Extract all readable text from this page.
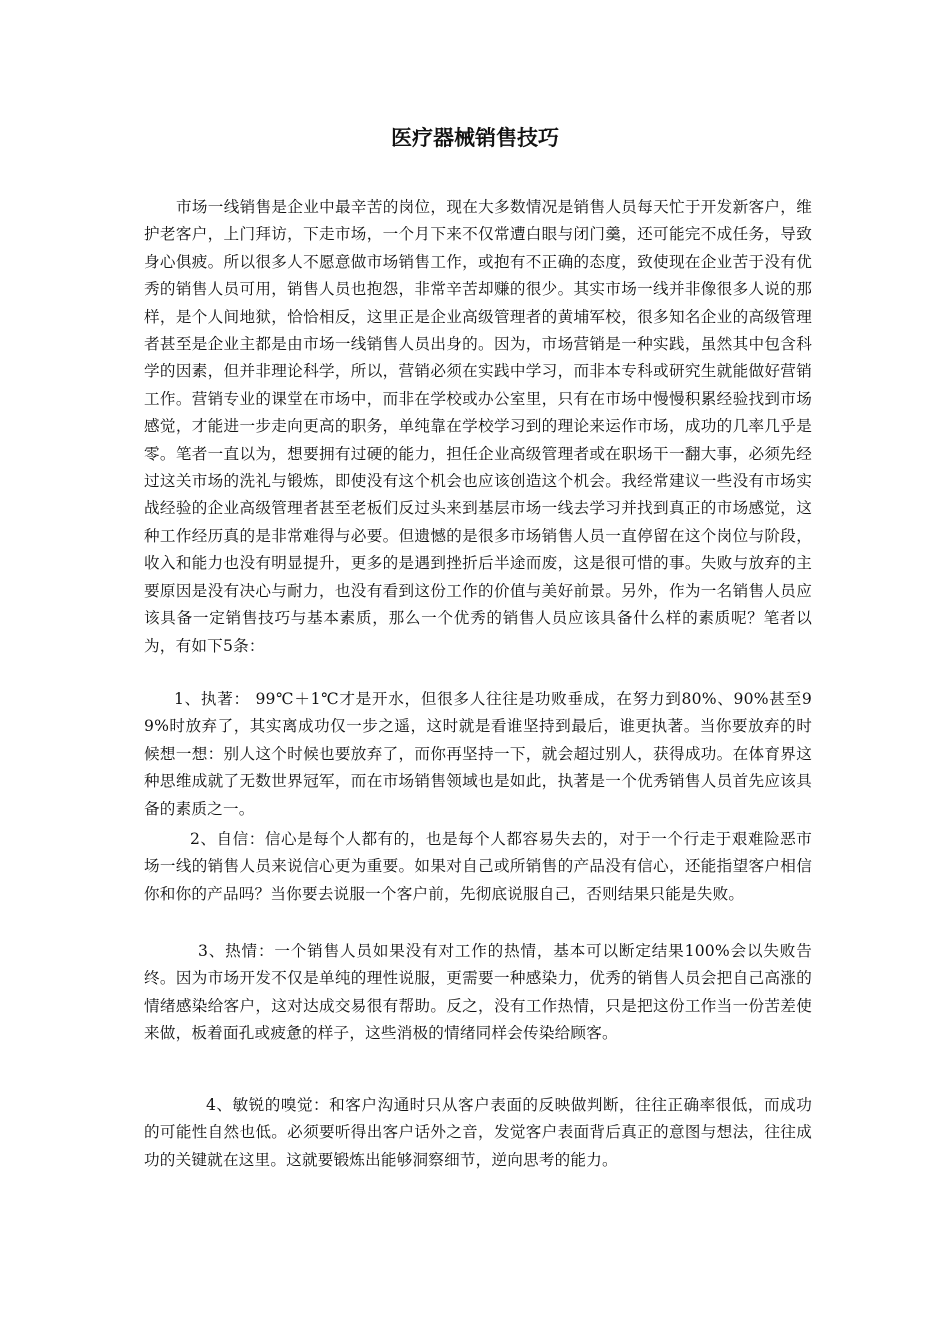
医疗器械销售技巧

市场一线销售是企业中最辛苦的岗位，现在大多数情况是销售人员每天忙于开发新客户，维护老客户，上门拜访，下走市场，一个月下来不仅常遭白眼与闭门羹，还可能完不成任务，导致身心俱疲。所以很多人不愿意做市场销售工作，或抱有不正确的态度，致使现在企业苦于没有优秀的销售人员可用，销售人员也抱怨，非常辛苦却赚的很少。其实市场一线并非像很多人说的那样，是个人间地狱，恰恰相反，这里正是企业高级管理者的黄埔军校，很多知名企业的高级管理者甚至是企业主都是由市场一线销售人员出身的。因为，市场营销是一种实践，虽然其中包含科学的因素，但并非理论科学，所以，营销必须在实践中学习，而非本专科或研究生就能做好营销工作。营销专业的课堂在市场中，而非在学校或办公室里，只有在市场中慢慢积累经验找到市场感觉，才能进一步走向更高的职务，单纯靠在学校学习到的理论来运作市场，成功的几率几乎是零。笔者一直以为，想要拥有过硬的能力，担任企业高级管理者或在职场干一翻大事，必须先经过这关市场的洗礼与锻炼，即使没有这个机会也应该创造这个机会。我经常建议一些没有市场实战经验的企业高级管理者甚至老板们反过头来到基层市场一线去学习并找到真正的市场感觉，这种工作经历真的是非常难得与必要。但遗憾的是很多市场销售人员一直停留在这个岗位与阶段，收入和能力也没有明显提升，更多的是遇到挫折后半途而废，这是很可惜的事。失败与放弃的主要原因是没有决心与耐力，也没有看到这份工作的价值与美好前景。另外，作为一名销售人员应该具备一定销售技巧与基本素质，那么一个优秀的销售人员应该具备什么样的素质呢？笔者以为，有如下5条：

1、执著： 99℃＋1℃才是开水，但很多人往往是功败垂成，在努力到80%、90%甚至99%时放弃了，其实离成功仅一步之遥，这时就是看谁坚持到最后，谁更执著。当你要放弃的时候想一想：别人这个时候也要放弃了，而你再坚持一下，就会超过别人，获得成功。在体育界这种思维成就了无数世界冠军，而在市场销售领域也是如此，执著是一个优秀销售人员首先应该具备的素质之一。

2、自信：信心是每个人都有的，也是每个人都容易失去的，对于一个行走于艰难险恶市场一线的销售人员来说信心更为重要。如果对自己或所销售的产品没有信心，还能指望客户相信你和你的产品吗？当你要去说服一个客户前，先彻底说服自己，否则结果只能是失败。

3、热情：一个销售人员如果没有对工作的热情，基本可以断定结果100%会以失败告终。因为市场开发不仅是单纯的理性说服，更需要一种感染力，优秀的销售人员会把自己高涨的情绪感染给客户，这对达成交易很有帮助。反之，没有工作热情，只是把这份工作当一份苦差使来做，板着面孔或疲惫的样子，这些消极的情绪同样会传染给顾客。

4、敏锐的嗅觉：和客户沟通时只从客户表面的反映做判断，往往正确率很低，而成功的可能性自然也低。必须要听得出客户话外之音，发觉客户表面背后真正的意图与想法，往往成功的关键就在这里。这就要锻炼出能够洞察细节，逆向思考的能力。
